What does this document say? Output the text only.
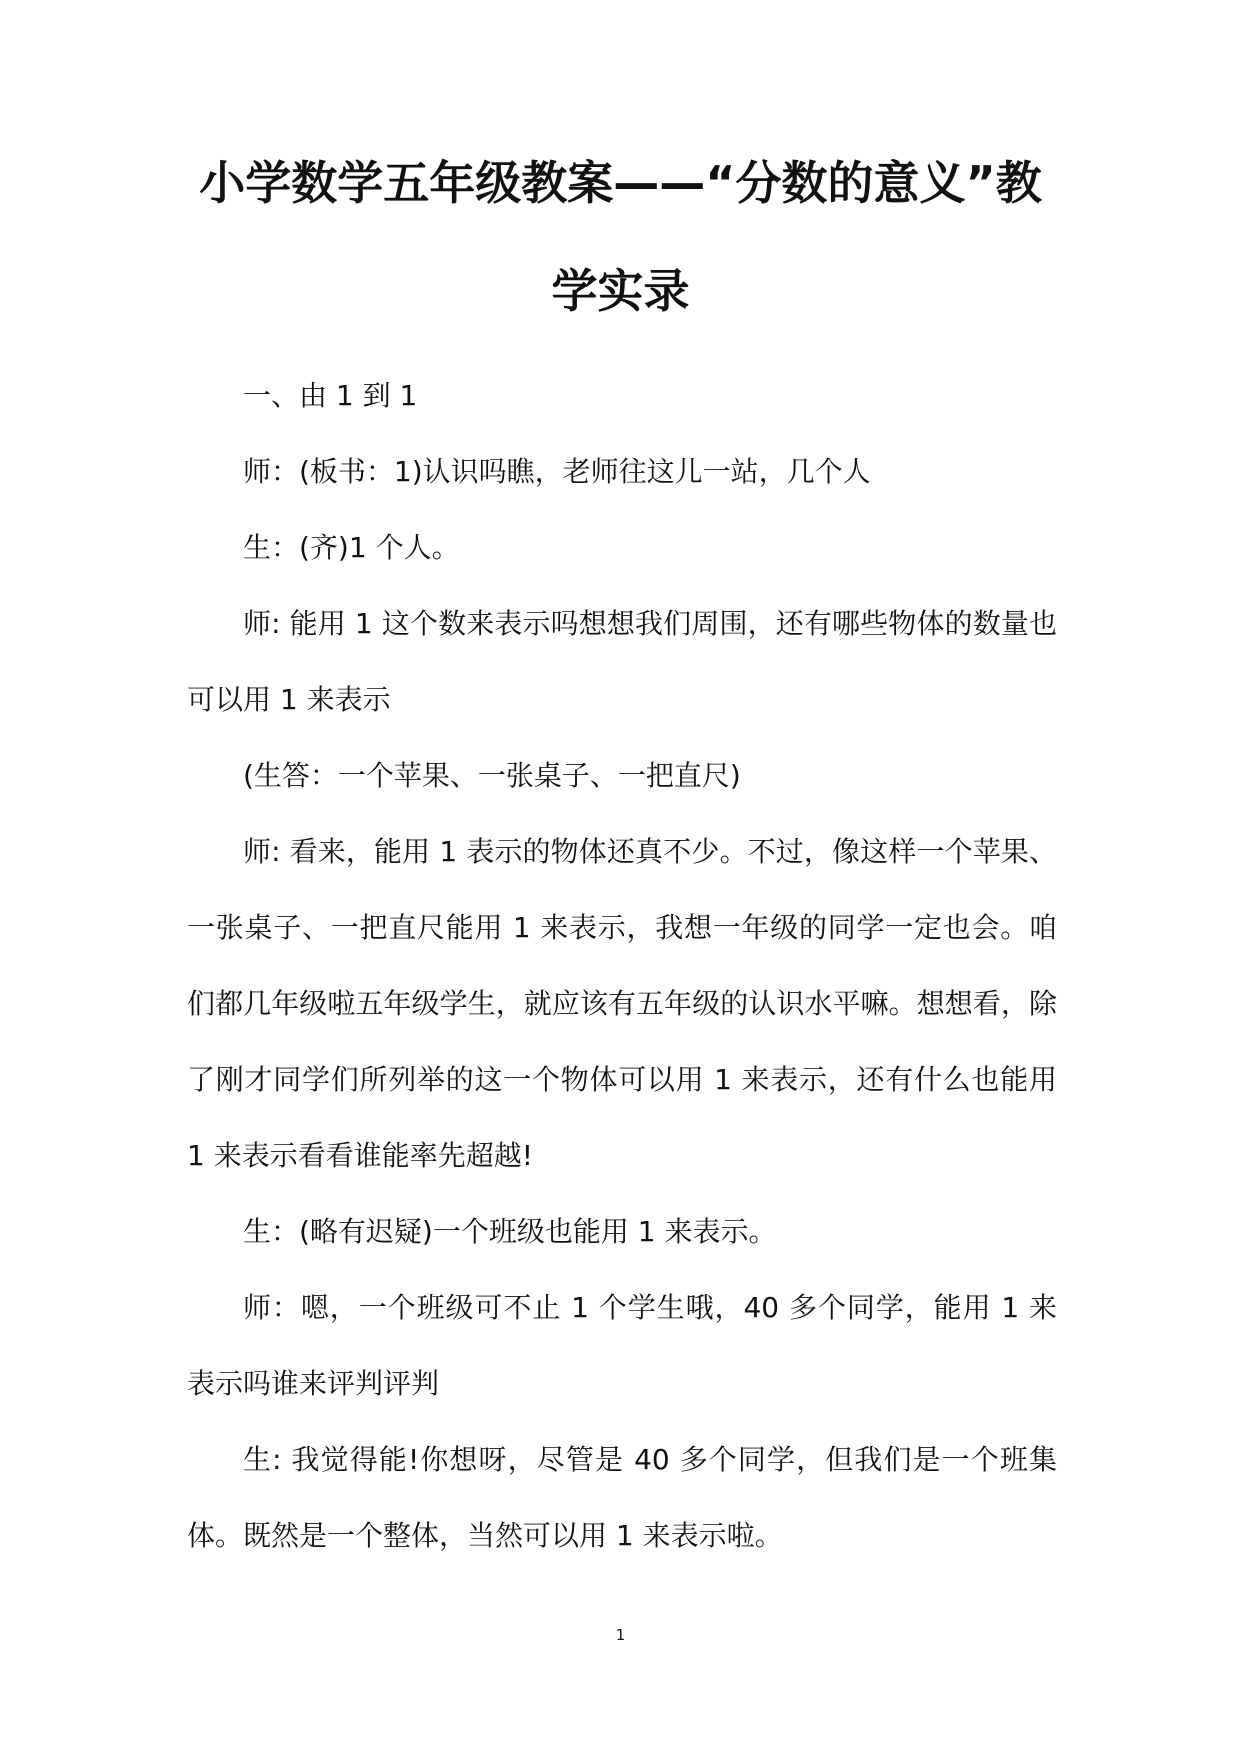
小学数学五年级教案——“分数的意义”教
学实录

一、由 1 到 1

师：(板书：1)认识吗瞧，老师往这儿一站，几个人

生：(齐)1 个人。

师: 能用 1 这个数来表示吗想想我们周围，还有哪些物体的数量也可以用 1 来表示

(生答：一个苹果、一张桌子、一把直尺)

师: 看来，能用 1 表示的物体还真不少。不过，像这样一个苹果、一张桌子、一把直尺能用 1 来表示，我想一年级的同学一定也会。咱们都几年级啦五年级学生，就应该有五年级的认识水平嘛。想想看，除了刚才同学们所列举的这一个物体可以用 1 来表示，还有什么也能用 1 来表示看看谁能率先超越!

生：(略有迟疑)一个班级也能用 1 来表示。

师：嗯，一个班级可不止 1 个学生哦，40 多个同学，能用 1 来表示吗谁来评判评判

生: 我觉得能!你想呀，尽管是 40 多个同学，但我们是一个班集体。既然是一个整体，当然可以用 1 来表示啦。

1
